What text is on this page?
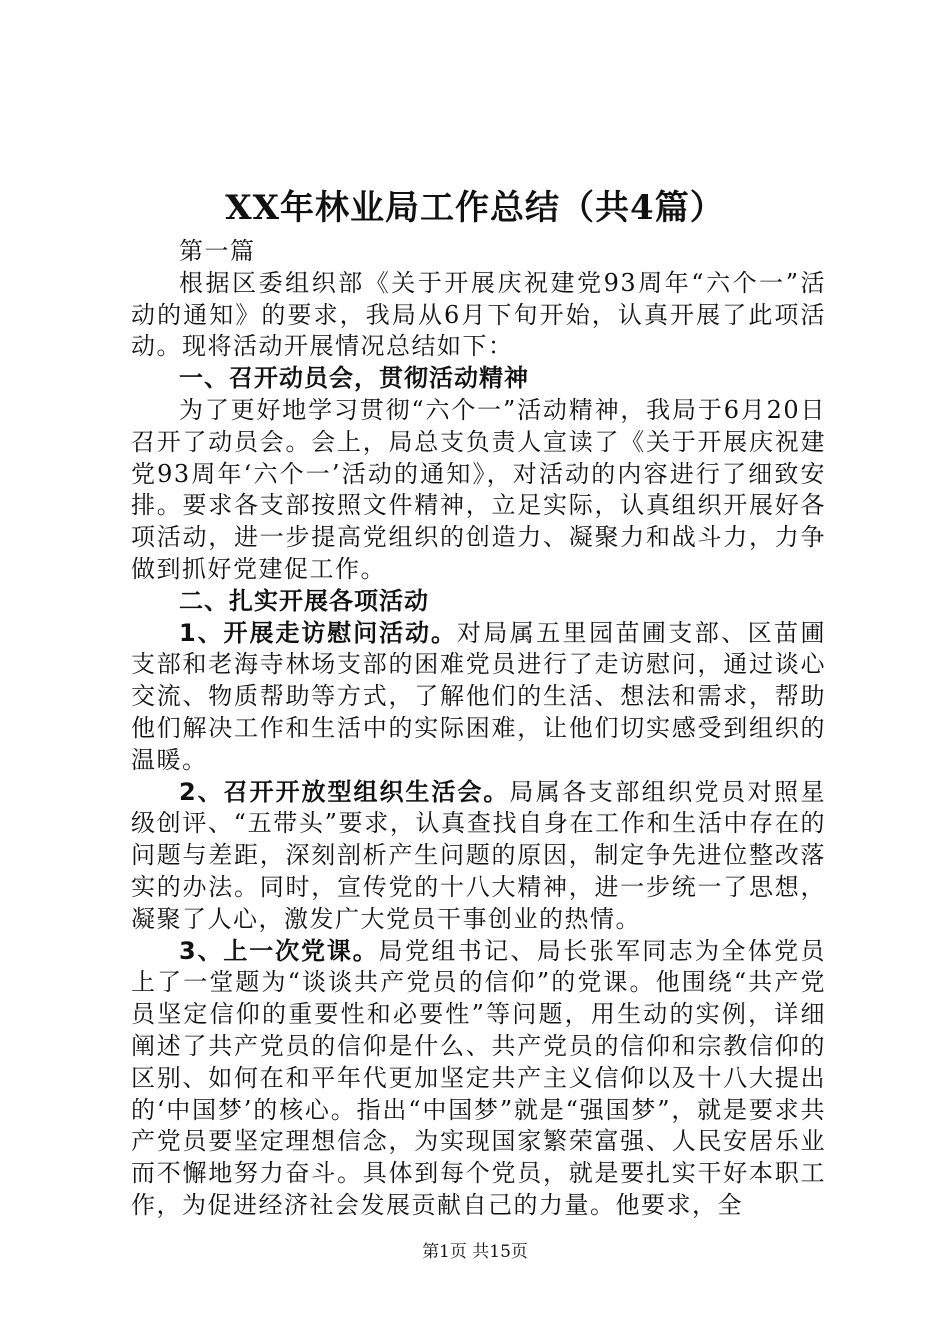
XX年林业局工作总结（共4篇）

第一篇

根据区委组织部《关于开展庆祝建党93周年“六个一”活动的通知》的要求，我局从6月下旬开始，认真开展了此项活动。现将活动开展情况总结如下：

一、召开动员会，贯彻活动精神

为了更好地学习贯彻“六个一”活动精神，我局于6月20日召开了动员会。会上，局总支负责人宣读了《关于开展庆祝建党93周年‘六个一’活动的通知》，对活动的内容进行了细致安排。要求各支部按照文件精神，立足实际，认真组织开展好各项活动，进一步提高党组织的创造力、凝聚力和战斗力，力争做到抓好党建促工作。

二、扎实开展各项活动

1、开展走访慰问活动。对局属五里园苗圃支部、区苗圃支部和老海寺林场支部的困难党员进行了走访慰问，通过谈心交流、物质帮助等方式，了解他们的生活、想法和需求，帮助他们解决工作和生活中的实际困难，让他们切实感受到组织的温暖。

2、召开开放型组织生活会。局属各支部组织党员对照星级创评、“五带头”要求，认真查找自身在工作和生活中存在的问题与差距，深刻剖析产生问题的原因，制定争先进位整改落实的办法。同时，宣传党的十八大精神，进一步统一了思想，凝聚了人心，激发广大党员干事创业的热情。

3、上一次党课。局党组书记、局长张军同志为全体党员上了一堂题为“谈谈共产党员的信仰”的党课。他围绕“共产党员坚定信仰的重要性和必要性”等问题，用生动的实例，详细阐述了共产党员的信仰是什么、共产党员的信仰和宗教信仰的区别、如何在和平年代更加坚定共产主义信仰以及十八大提出的‘中国梦’的核心。指出“中国梦”就是“强国梦”，就是要求共产党员要坚定理想信念，为实现国家繁荣富强、人民安居乐业而不懈地努力奋斗。具体到每个党员，就是要扎实干好本职工作，为促进经济社会发展贡献自己的力量。他要求，全

第1页 共15页
